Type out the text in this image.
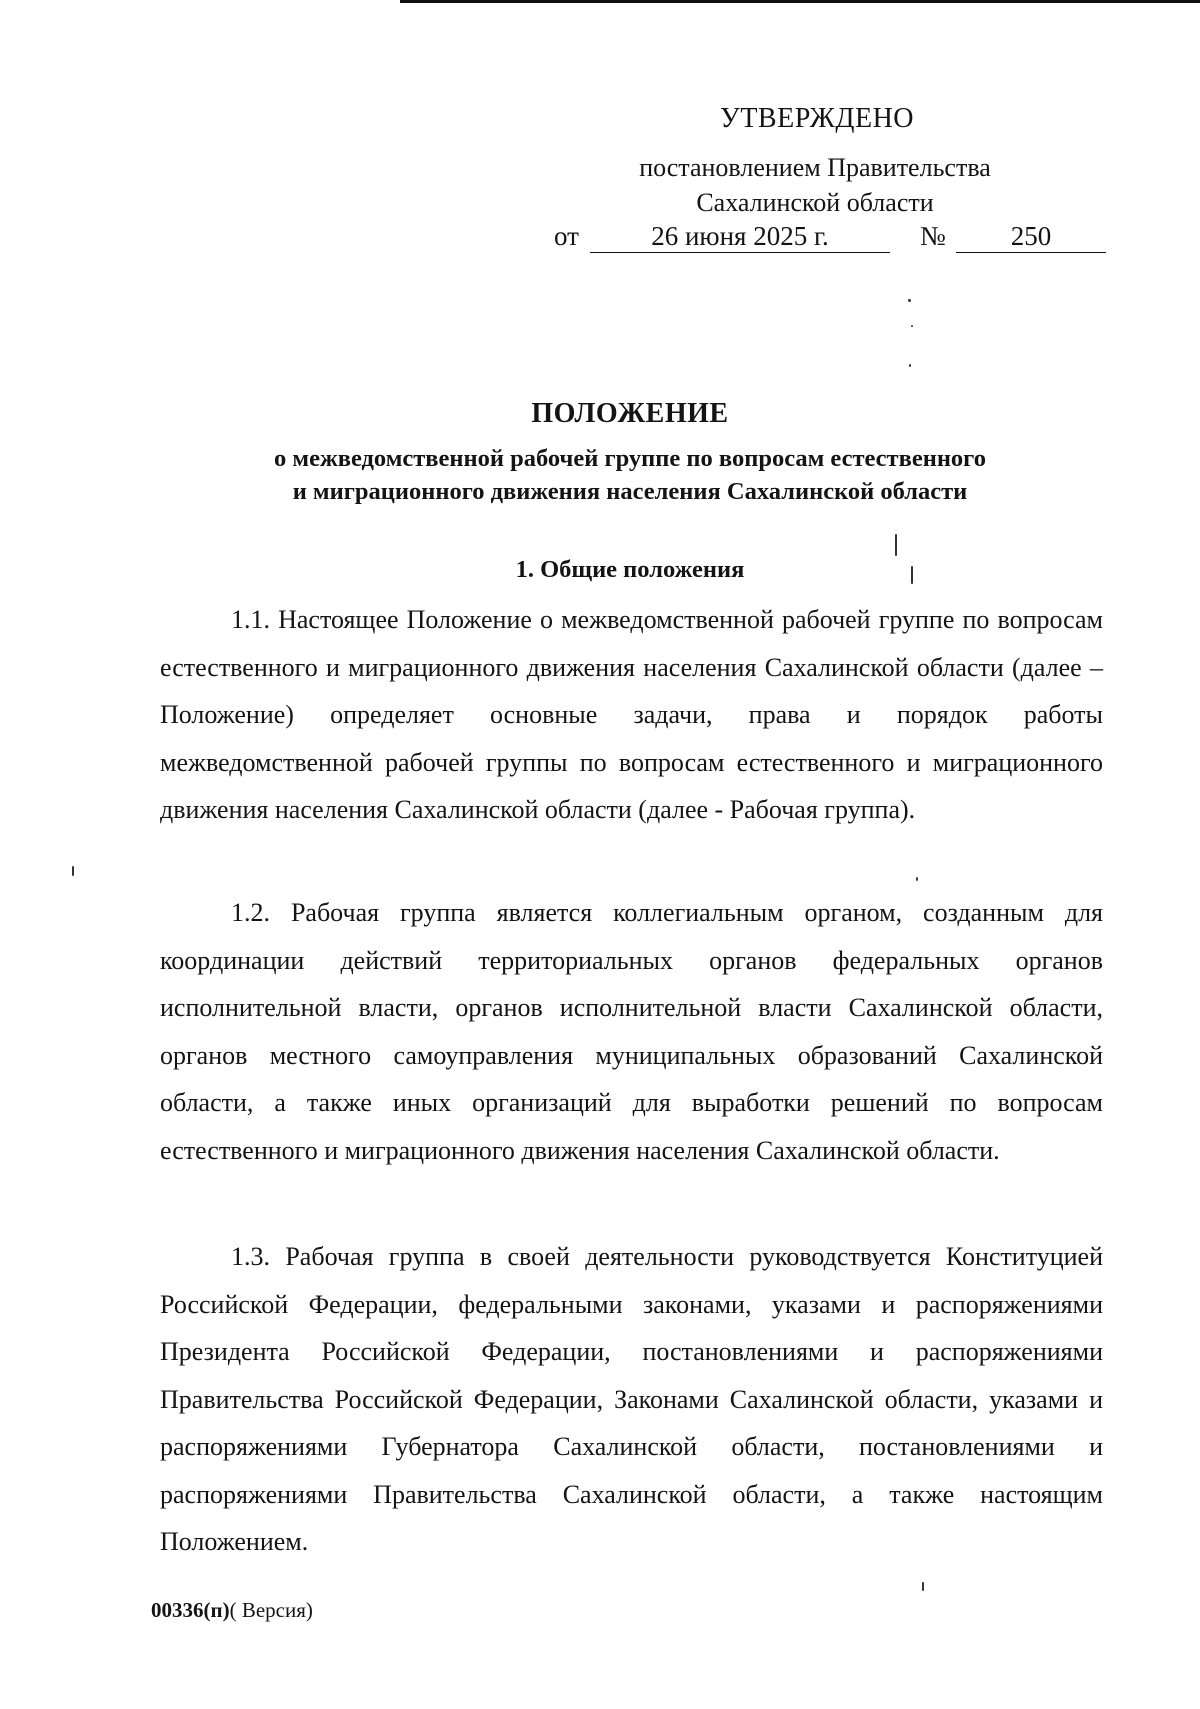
УТВЕРЖДЕНО
постановлением Правительства
Сахалинской области
от	26 июня 2025 г.	№	250
ПОЛОЖЕНИЕ
о межведомственной рабочей группе по вопросам естественного
и миграционного движения населения Сахалинской области
1. Общие положения

1.1. Настоящее Положение о межведомственной рабочей группе по вопросам естественного и миграционного движения населения Сахалинской области (далее – Положение) определяет основные задачи, права и порядок работы межведомственной рабочей группы по вопросам естественного и миграционного движения населения Сахалинской области (далее - Рабочая группа).

1.2. Рабочая группа является коллегиальным органом, созданным для координации действий территориальных органов федеральных органов исполнительной власти, органов исполнительной власти Сахалинской области, органов местного самоуправления муниципальных образований Сахалинской области, а также иных организаций для выработки решений по вопросам естественного и миграционного движения населения Сахалинской области.

1.3. Рабочая группа в своей деятельности руководствуется Конституцией Российской Федерации, федеральными законами, указами и распоряжениями Президента Российской Федерации, постановлениями и распоряжениями Правительства Российской Федерации, Законами Сахалинской области, указами и распоряжениями Губернатора Сахалинской области, постановлениями и распоряжениями Правительства Сахалинской области, а также настоящим Положением.

00336(п)( Версия)
